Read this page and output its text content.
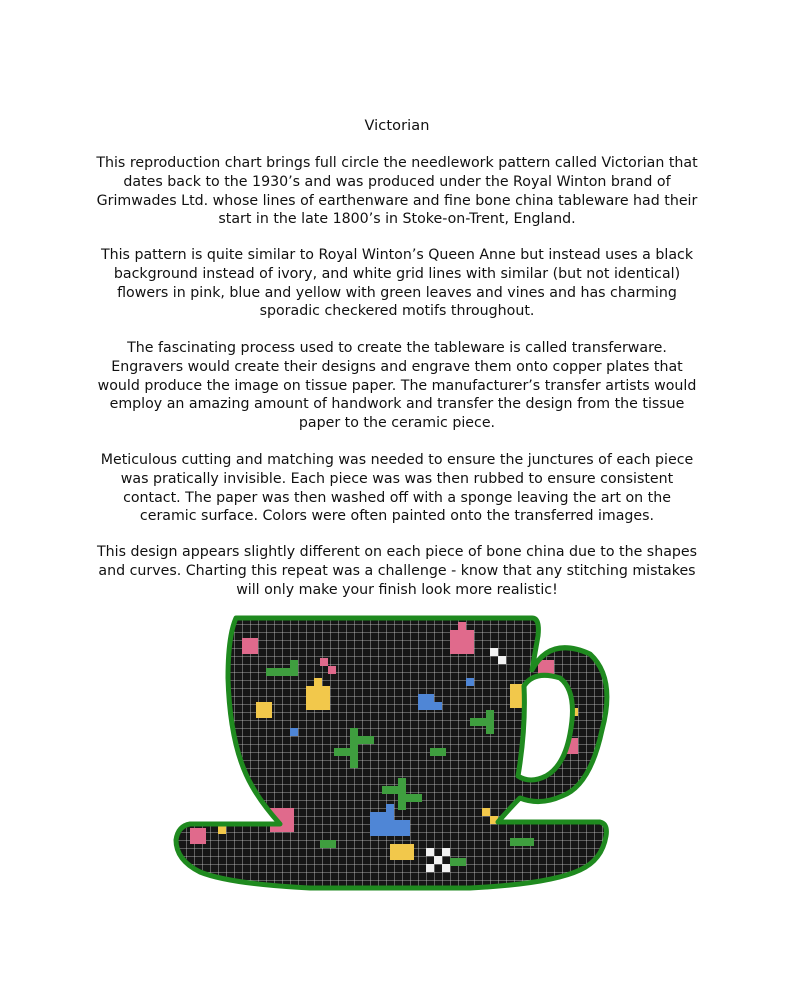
Victorian

This reproduction chart brings full circle the needlework pattern called Victorian that dates back to the 1930’s and was produced under the Royal Winton brand of Grimwades Ltd. whose lines of earthenware and fine bone china tableware had their start in the late 1800’s in Stoke-on-Trent, England.

This pattern is quite similar to Royal Winton’s Queen Anne but instead uses a black background instead of ivory, and white grid lines with similar (but not identical) flowers in pink, blue and yellow with green leaves and vines and has charming sporadic checkered motifs throughout.

The fascinating process used to create the tableware is called transferware. Engravers would create their designs and engrave them onto copper plates that would produce the image on tissue paper. The manufacturer’s transfer artists would employ an amazing amount of handwork and transfer the design from the tissue paper to the ceramic piece.

Meticulous cutting and matching was needed to ensure the junctures of each piece was pratically invisible. Each piece was was then rubbed to ensure consistent contact. The paper was then washed off with a sponge leaving the art on the ceramic surface. Colors were often painted onto the transferred images.

This design appears slightly different on each piece of bone china due to the shapes and curves. Charting this repeat was a challenge - know that any stitching mistakes will only make your finish look more realistic!
